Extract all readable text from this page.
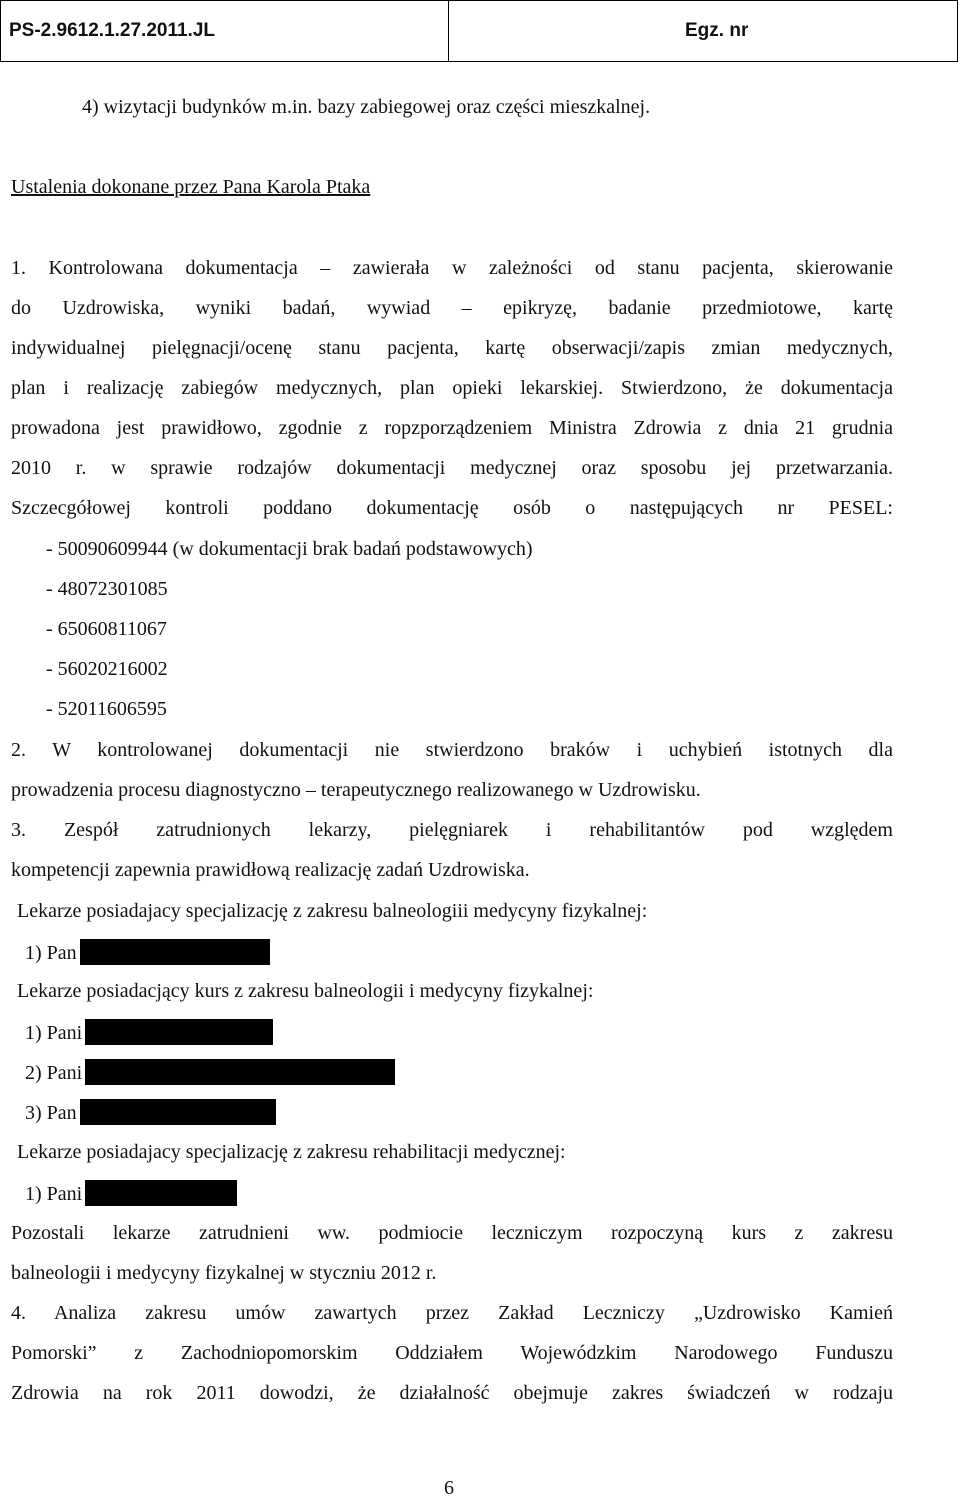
PS-2.9612.1.27.2011.JL	Egz. nr
4) wizytacji budynków m.in. bazy zabiegowej oraz części mieszkalnej.
Ustalenia dokonane przez Pana Karola Ptaka
1. Kontrolowana dokumentacja – zawierała w zależności od stanu pacjenta, skierowanie
do Uzdrowiska, wyniki badań, wywiad – epikryzę, badanie przedmiotowe, kartę
indywidualnej pielęgnacji/ocenę stanu pacjenta, kartę obserwacji/zapis zmian medycznych,
plan i realizację zabiegów medycznych, plan opieki lekarskiej. Stwierdzono, że dokumentacja
prowadona jest prawidłowo, zgodnie z ropzporządzeniem Ministra Zdrowia z dnia 21 grudnia
2010 r. w sprawie rodzajów dokumentacji medycznej oraz sposobu jej przetwarzania.
Szczecgółowej kontroli poddano dokumentację osób o następujących nr PESEL:
- 50090609944 (w dokumentacji brak badań podstawowych)
- 48072301085
- 65060811067
- 56020216002
- 52011606595
2. W kontrolowanej dokumentacji nie stwierdzono braków i uchybień istotnych dla
prowadzenia procesu diagnostyczno – terapeutycznego realizowanego w Uzdrowisku.
3. Zespół zatrudnionych lekarzy, pielęgniarek i rehabilitantów pod względem
kompetencji zapewnia prawidłową realizację zadań Uzdrowiska.
Lekarze posiadajacy specjalizację z zakresu balneologiii medycyny fizykalnej:
1) Pan
Lekarze posiadacjący kurs z zakresu balneologii i medycyny fizykalnej:
1) Pani
2) Pani
3) Pan
Lekarze posiadajacy specjalizację z zakresu rehabilitacji medycznej:
1) Pani
Pozostali lekarze zatrudnieni ww. podmiocie leczniczym rozpoczyną kurs z zakresu
balneologii i medycyny fizykalnej w styczniu 2012 r.
4. Analiza zakresu umów zawartych przez Zakład Leczniczy „Uzdrowisko Kamień
Pomorski” z Zachodniopomorskim Oddziałem Wojewódzkim Narodowego Funduszu
Zdrowia na rok 2011 dowodzi, że działalność obejmuje zakres świadczeń w rodzaju
6
